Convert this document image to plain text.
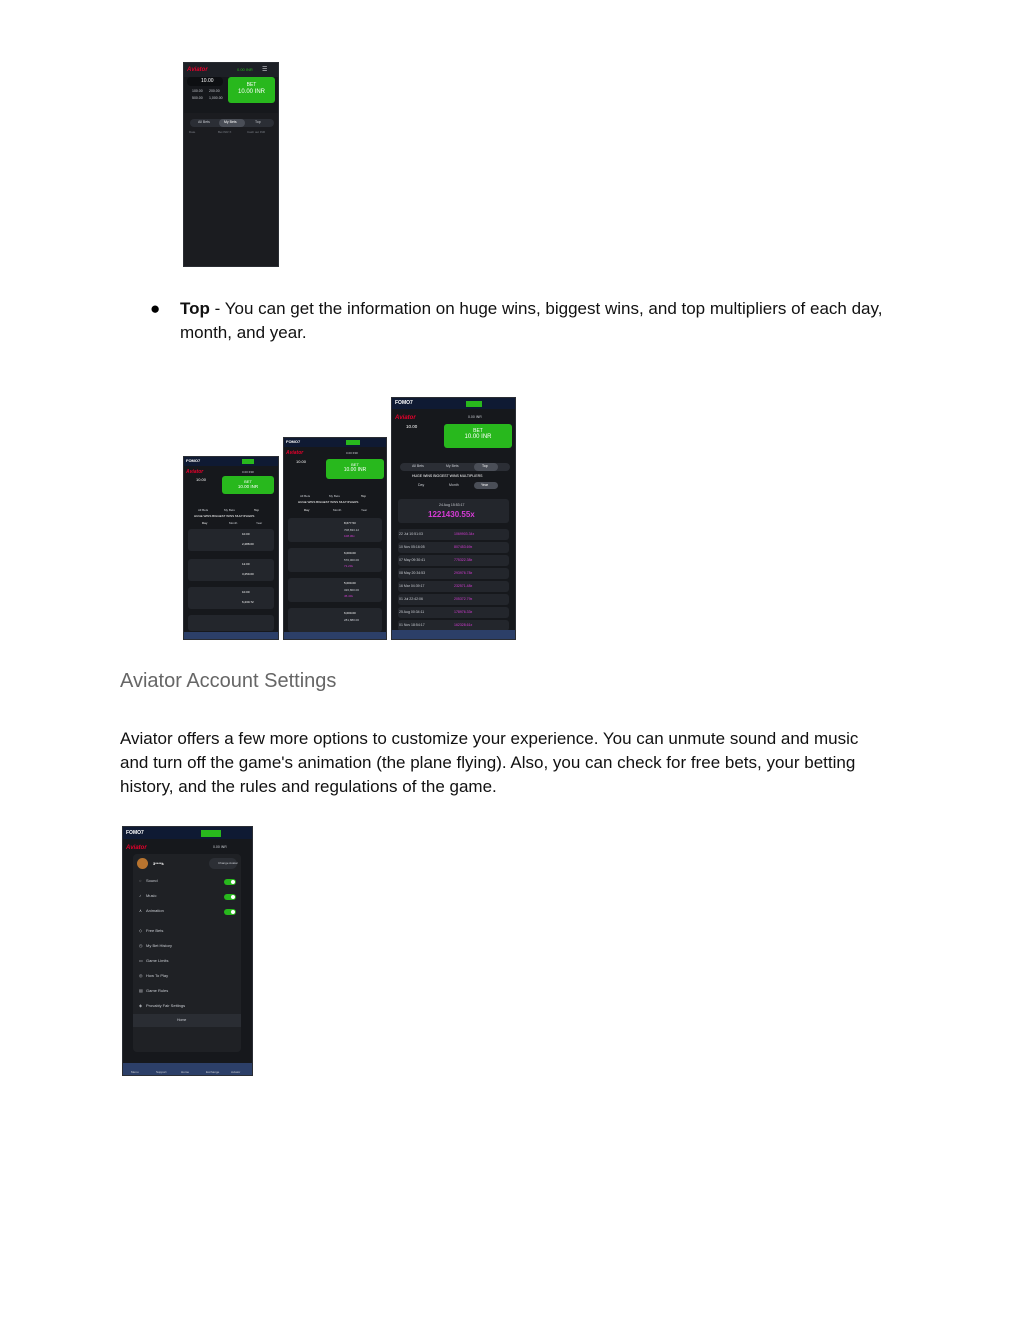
Aviator	0.00 INR ☰
10.00
100.00 200.00
500.00 1,000.00
BET
10.00 INR
All Bets	My Bets	Top
Date	Bet INR X	Cash out INR
● Top - You can get the information on huge wins, biggest wins, and top multipliers of each day, month, and year.
FOMO7
Aviator	0.00 INR
10.00	BET
10.00 INR
All Bets	My Bets	Top
HUGE WINS BIGGEST WINS MULTIPLIERS
Day	Month	Year
10.00
2,288.00
12.00
3,259.00
10.00
6,230.72
FOMO7
Aviator	0.00 INR
10.00
BET
10.00 INR
All Bets	My Bets	Top
HUGE WINS BIGGEST WINS MULTIPLIERS
Day	Month	Year
8,677.53
708,833.12
108.30x
6,000.00
570,000.00
71.20x
5,000.00
326,800.00
45.40x
6,000.00
281,880.00
FOMO7
Aviator	0.00 INR
10.00
BET
10.00 INR
All Bets	My Bets	Top
HUGE WINS BIGGEST WINS MULTIPLIERS
Day	Month	Year
24 Aug 15:53:17
1221430.55x
22 Jul 10:51:03	1069903.34x
10 Nov 05:16:05	807453.69x
07 May 09:30:41	775322.38x
08 May 20:34:53	293976.78x
16 Mar 04:39:17	232571.48x
01 Jul 22:42:06	205372.79x
25 Aug 00:34:11	178976.33x
01 Nov 18:54:17	162328.61x
Aviator Account Settings
Aviator offers a few more options to customize your experience. You can unmute sound and music and turn off the game's animation (the plane flying). Also, you can check for free bets, your betting history, and the rules and regulations of the game.
FOMO7
Aviator	0.00 INR
3****k	Change Avatar
◌ Sound
♪ Music
⋏ Animation
◇ Free Bets
◷ My Bet History
▭ Game Limits
◎ How To Play
▤ Game Rules
◈ Provably Fair Settings
Home
Menu	Support	Home	Exchange	Aviator
